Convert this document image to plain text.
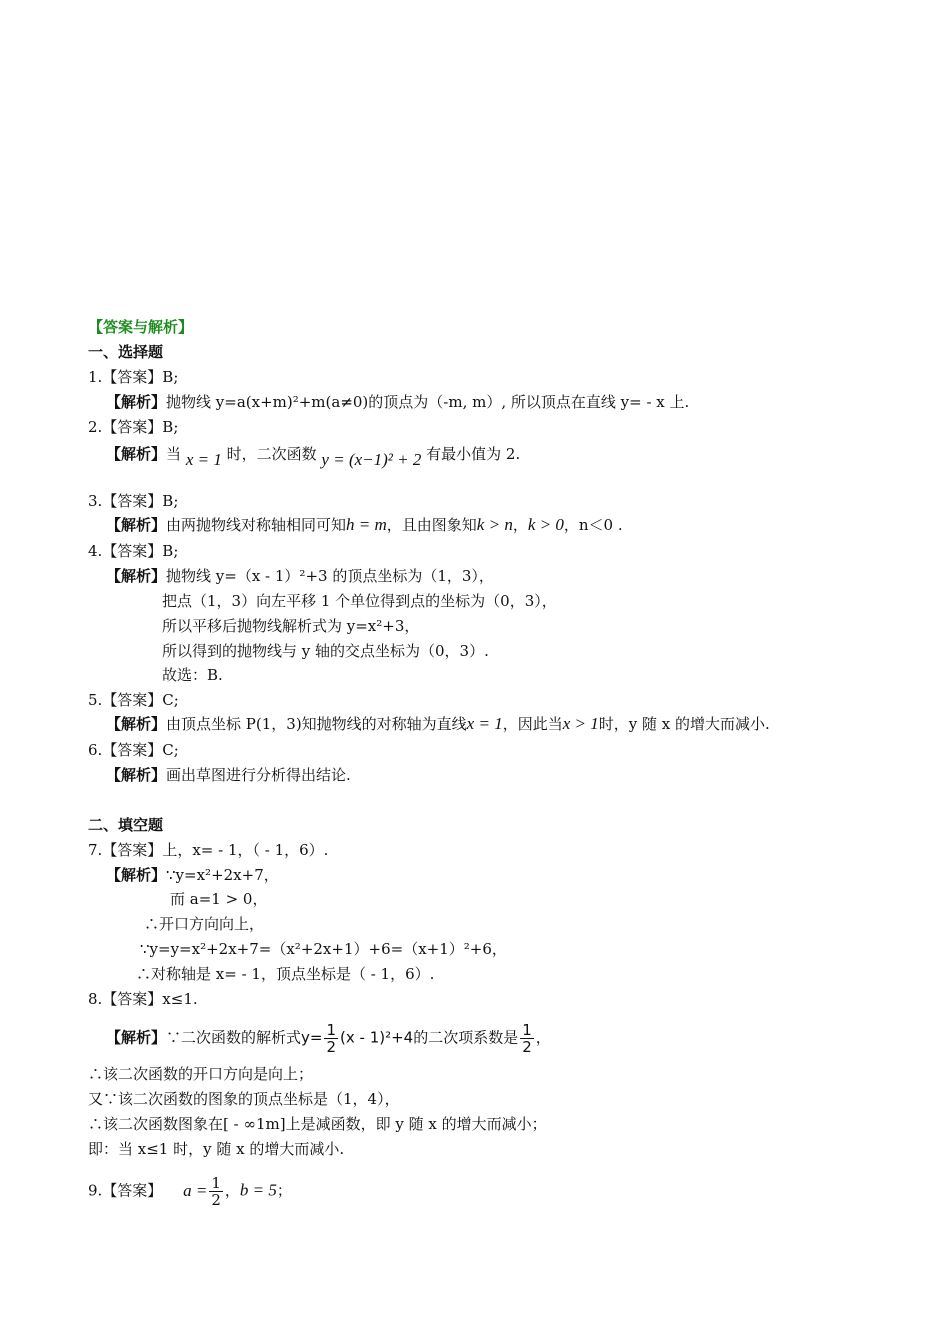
【答案与解析】
一、选择题
1.【答案】B;
【解析】抛物线 y=a(x+m)²+m(a≠0)的顶点为（-m, m）, 所以顶点在直线 y= - x 上.
2.【答案】B;
【解析】当 x = 1 时，二次函数 y = (x−1)² + 2 有最小值为 2.
3.【答案】B;
【解析】由两抛物线对称轴相同可知h = m，且由图象知k > n，k > 0，n＜0 .
4.【答案】B;
【解析】抛物线 y=（x - 1）²+3 的顶点坐标为（1，3），
把点（1，3）向左平移 1 个单位得到点的坐标为（0，3），
所以平移后抛物线解析式为 y=x²+3，
所以得到的抛物线与 y 轴的交点坐标为（0，3）.
故选：B.
5.【答案】C;
【解析】由顶点坐标 P(1，3)知抛物线的对称轴为直线x = 1，因此当x > 1时，y 随 x 的增大而减小.
6.【答案】C;
【解析】画出草图进行分析得出结论.
二、填空题
7.【答案】上，x= - 1，（ - 1，6）.
【解析】∵y=x²+2x+7，
而 a=1 > 0，
∴开口方向向上，
∵y=y=x²+2x+7=（x²+2x+1）+6=（x+1）²+6，
∴对称轴是 x= - 1，顶点坐标是（ - 1，6）.
8.【答案】x≤1.
【解析】∵二次函数的解析式$y= \frac{1}{2} (x - 1)^2+4$的二次项系数是 $\frac{1}{2}$ ，
∴该二次函数的开口方向是向上；
又∵该二次函数的图象的顶点坐标是（1，4），
∴该二次函数图象在[ - ∞1m]上是减函数，即 y 随 x 的增大而减小；
即：当 x≤1 时，y 随 x 的增大而减小.
9.【答案】 $a = \frac{1}{2}$ ，b = 5；
